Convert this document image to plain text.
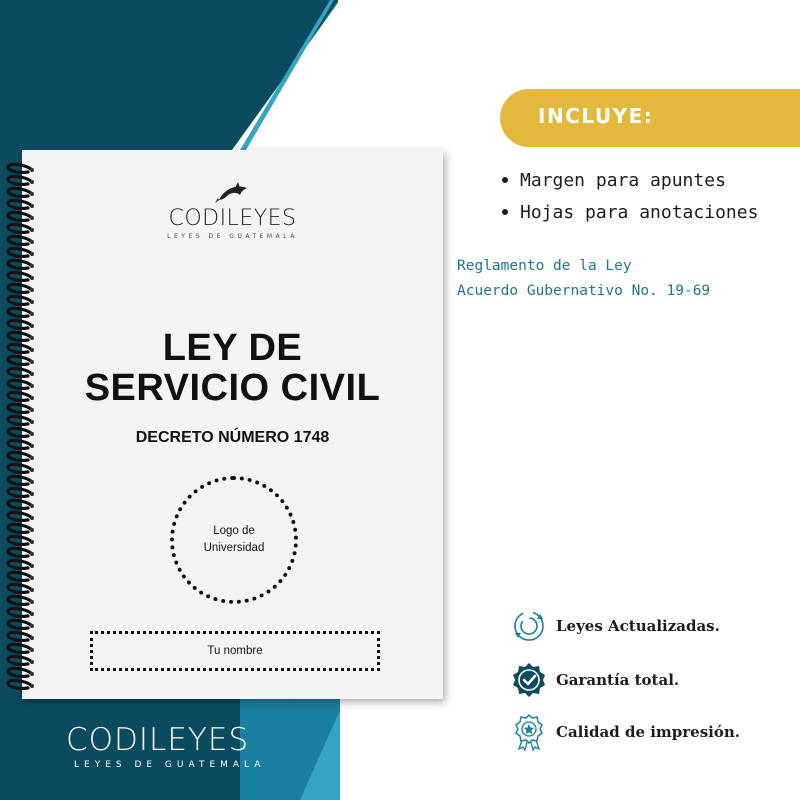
CODILEYES
LEYES DE GUATEMALA
LEY DE
SERVICIO CIVIL
DECRETO NÚMERO 1748
Logo de
Universidad
Tu nombre
INCLUYE:
Margen para apuntes
Hojas para anotaciones
Reglamento de la Ley
Acuerdo Gubernativo No. 19-69
Leyes Actualizadas.
Garantía total.
Calidad de impresión.
CODILEYES
LEYES DE GUATEMALA
